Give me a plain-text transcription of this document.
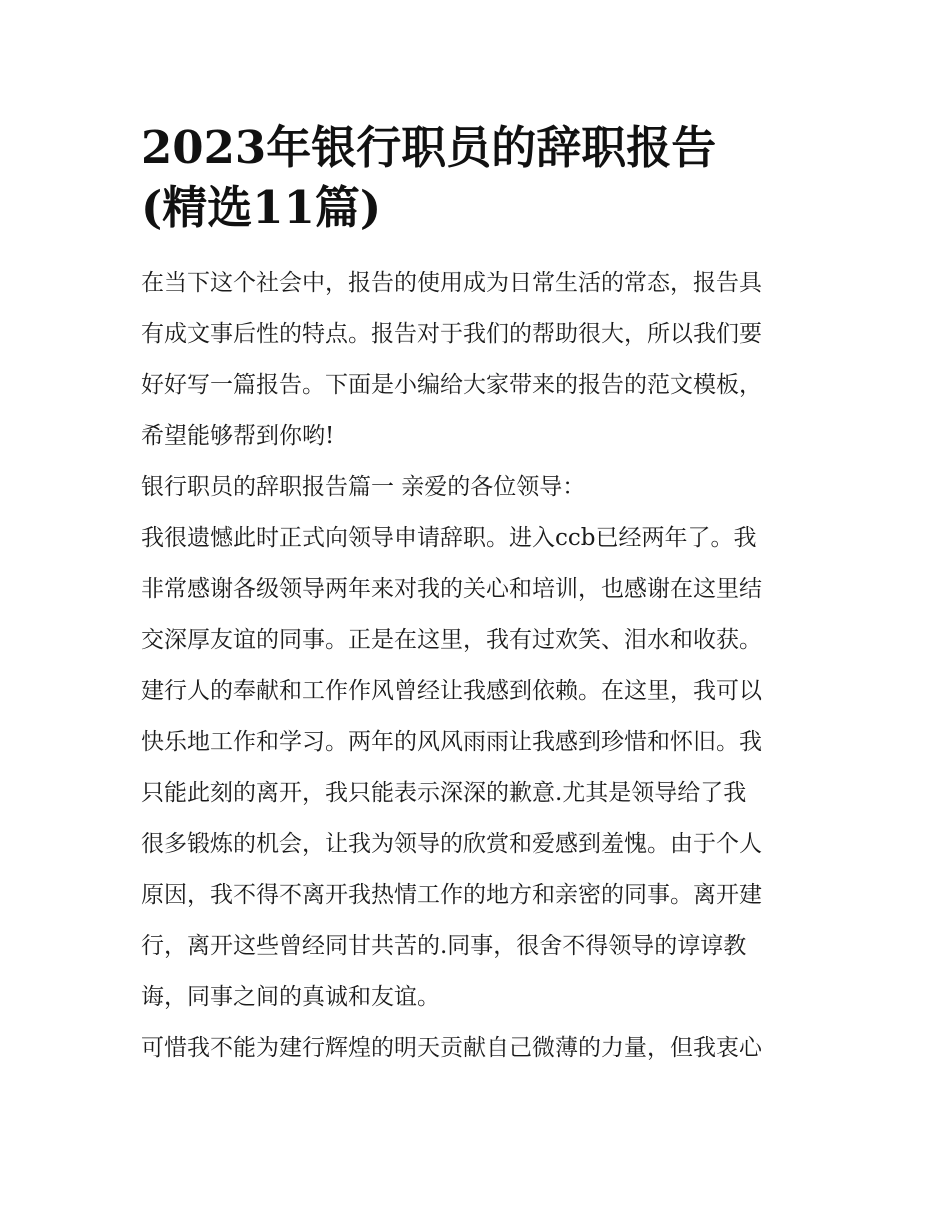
2023年银行职员的辞职报告
(精选11篇)

在当下这个社会中，报告的使用成为日常生活的常态，报告具
有成文事后性的特点。报告对于我们的帮助很大，所以我们要
好好写一篇报告。下面是小编给大家带来的报告的范文模板，
希望能够帮到你哟!

银行职员的辞职报告篇一 亲爱的各位领导：

我很遗憾此时正式向领导申请辞职。进入ccb已经两年了。我
非常感谢各级领导两年来对我的关心和培训，也感谢在这里结
交深厚友谊的同事。正是在这里，我有过欢笑、泪水和收获。
建行人的奉献和工作作风曾经让我感到依赖。在这里，我可以
快乐地工作和学习。两年的风风雨雨让我感到珍惜和怀旧。我
只能此刻的离开，我只能表示深深的歉意.尤其是领导给了我
很多锻炼的机会，让我为领导的欣赏和爱感到羞愧。由于个人
原因，我不得不离开我热情工作的地方和亲密的同事。离开建
行，离开这些曾经同甘共苦的.同事，很舍不得领导的谆谆教
诲，同事之间的真诚和友谊。

可惜我不能为建行辉煌的明天贡献自己微薄的力量，但我衷心
